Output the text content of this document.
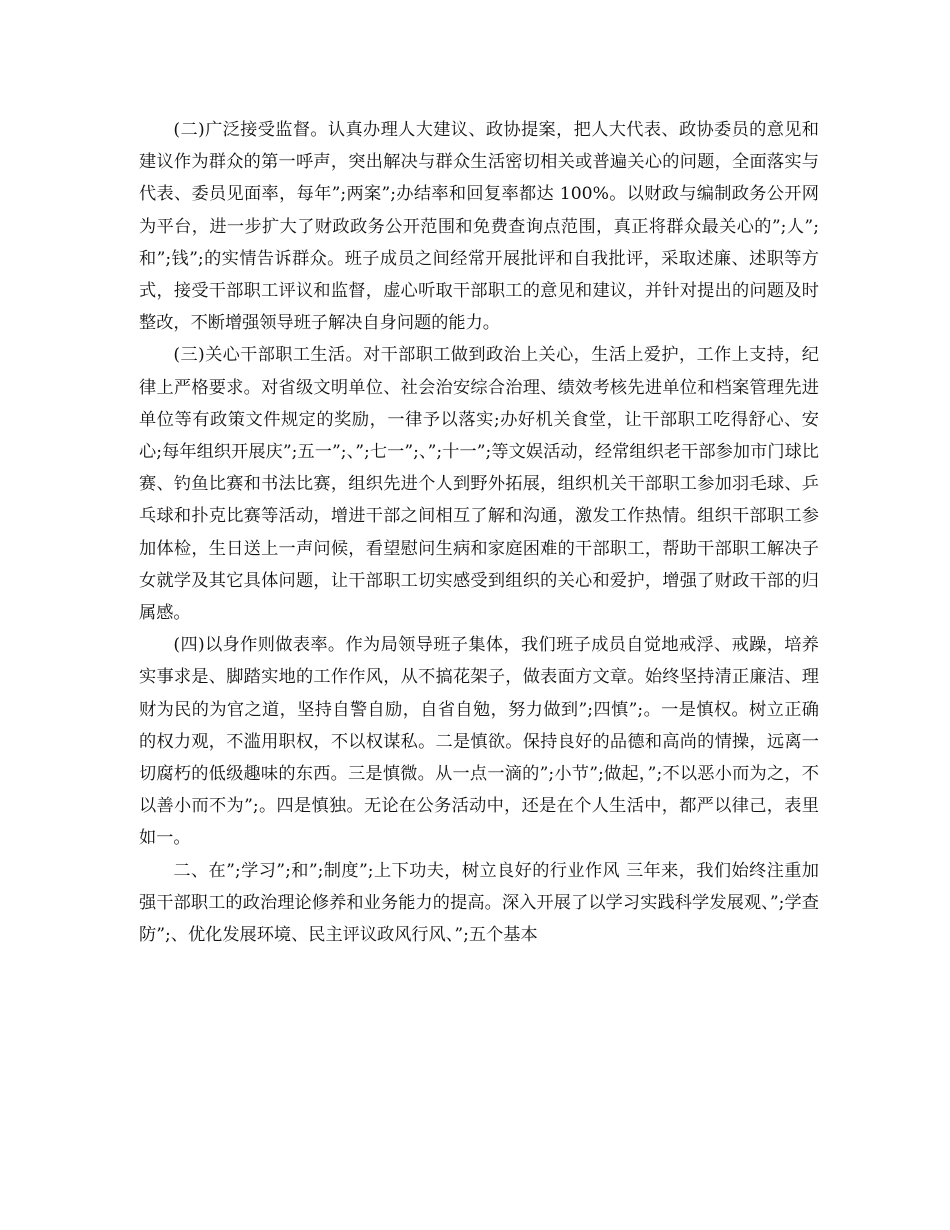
(二)广泛接受监督。认真办理人大建议、政协提案，把人大代表、政协委员的意见和建议作为群众的第一呼声，突出解决与群众生活密切相关或普遍关心的问题，全面落实与代表、委员见面率，每年”;两案”;办结率和回复率都达 100%。以财政与编制政务公开网为平台，进一步扩大了财政政务公开范围和免费查询点范围，真正将群众最关心的”;人”;和”;钱”;的实情告诉群众。班子成员之间经常开展批评和自我批评，采取述廉、述职等方式，接受干部职工评议和监督，虚心听取干部职工的意见和建议，并针对提出的问题及时整改，不断增强领导班子解决自身问题的能力。

(三)关心干部职工生活。对干部职工做到政治上关心，生活上爱护，工作上支持，纪律上严格要求。对省级文明单位、社会治安综合治理、绩效考核先进单位和档案管理先进单位等有政策文件规定的奖励，一律予以落实;办好机关食堂，让干部职工吃得舒心、安心;每年组织开展庆”;五一”;、”;七一”;、”;十一”;等文娱活动，经常组织老干部参加市门球比赛、钓鱼比赛和书法比赛，组织先进个人到野外拓展，组织机关干部职工参加羽毛球、乒乓球和扑克比赛等活动，增进干部之间相互了解和沟通，激发工作热情。组织干部职工参加体检，生日送上一声问候，看望慰问生病和家庭困难的干部职工，帮助干部职工解决子女就学及其它具体问题，让干部职工切实感受到组织的关心和爱护，增强了财政干部的归属感。

(四)以身作则做表率。作为局领导班子集体，我们班子成员自觉地戒浮、戒躁，培养实事求是、脚踏实地的工作作风，从不搞花架子，做表面方文章。始终坚持清正廉洁、理财为民的为官之道，坚持自警自励，自省自勉，努力做到”;四慎”;。一是慎权。树立正确的权力观，不滥用职权，不以权谋私。二是慎欲。保持良好的品德和高尚的情操，远离一切腐朽的低级趣味的东西。三是慎微。从一点一滴的”;小节”;做起，”;不以恶小而为之，不以善小而不为”;。四是慎独。无论在公务活动中，还是在个人生活中，都严以律己，表里如一。

二、在”;学习”;和”;制度”;上下功夫，树立良好的行业作风 三年来，我们始终注重加强干部职工的政治理论修养和业务能力的提高。深入开展了以学习实践科学发展观、”;学查防”;、优化发展环境、民主评议政风行风、”;五个基本
